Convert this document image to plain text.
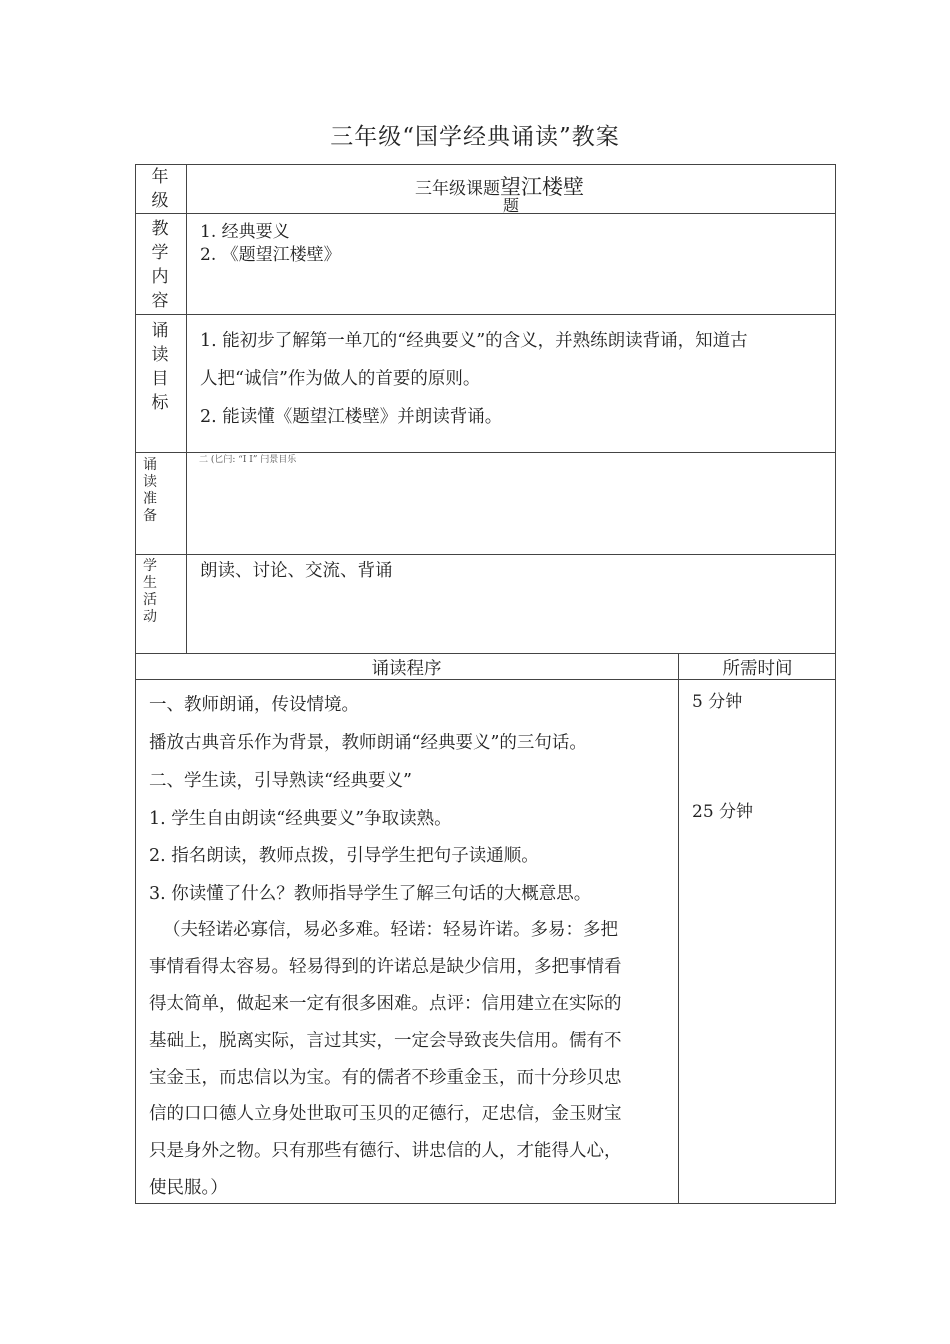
三年级“国学经典诵读”教案
年
级
三年级课题望江楼壁
题
教
学
内
容
1. 经典要义
2. 《题望江楼壁》
诵
读
目
标
1. 能初步了解第一单兀的“经典要义”的含义，并熟练朗读背诵，知道古
人把“诚信”作为做人的首要的原则。
2. 能读懂《题望江楼壁》并朗读背诵。
诵
读
准
备
二 (匕闩: “I I” 闩景目乐
学
生
活
动
朗读、讨论、交流、背诵
诵读程序	所需时间
一、教师朗诵，传设情境。
播放古典音乐作为背景，教师朗诵“经典要义”的三句话。
二、学生读，引导熟读“经典要义”
1. 学生自由朗读“经典要义”争取读熟。
2. 指名朗读，教师点拨，引导学生把句子读通顺。
3. 你读懂了什么？教师指导学生了解三句话的大概意思。
（夫轻诺必寡信，易必多难。轻诺：轻易许诺。多易：多把
事情看得太容易。轻易得到的许诺总是缺少信用，多把事情看
得太简单，做起来一定有很多困难。点评：信用建立在实际的
基础上，脱离实际，言过其实，一定会导致丧失信用。儒有不
宝金玉，而忠信以为宝。有的儒者不珍重金玉，而十分珍贝忠
信的口口德人立身处世取可玉贝的疋德行，疋忠信，金玉财宝
只是身外之物。只有那些有德行、讲忠信的人，才能得人心，
使民服。）
5 分钟
25 分钟
